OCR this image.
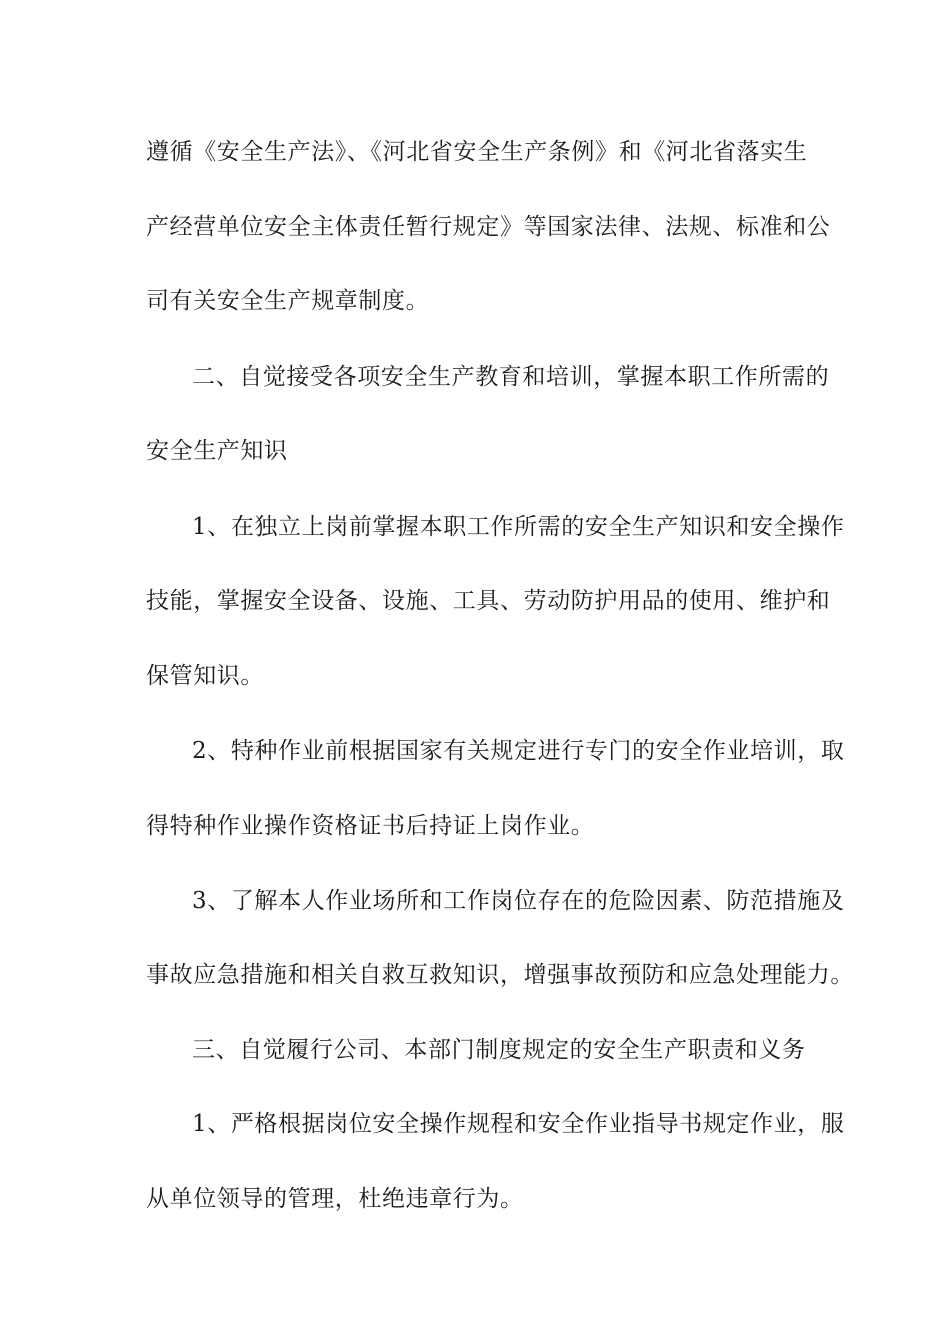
遵循《安全生产法》、《河北省安全生产条例》和《河北省落实生
产经营单位安全主体责任暂行规定》等国家法律、法规、标准和公
司有关安全生产规章制度。
二、自觉接受各项安全生产教育和培训，掌握本职工作所需的
安全生产知识
1、在独立上岗前掌握本职工作所需的安全生产知识和安全操作
技能，掌握安全设备、设施、工具、劳动防护用品的使用、维护和
保管知识。
2、特种作业前根据国家有关规定进行专门的安全作业培训，取
得特种作业操作资格证书后持证上岗作业。
3、了解本人作业场所和工作岗位存在的危险因素、防范措施及
事故应急措施和相关自救互救知识，增强事故预防和应急处理能力。
三、自觉履行公司、本部门制度规定的安全生产职责和义务
1、严格根据岗位安全操作规程和安全作业指导书规定作业，服
从单位领导的管理，杜绝违章行为。
